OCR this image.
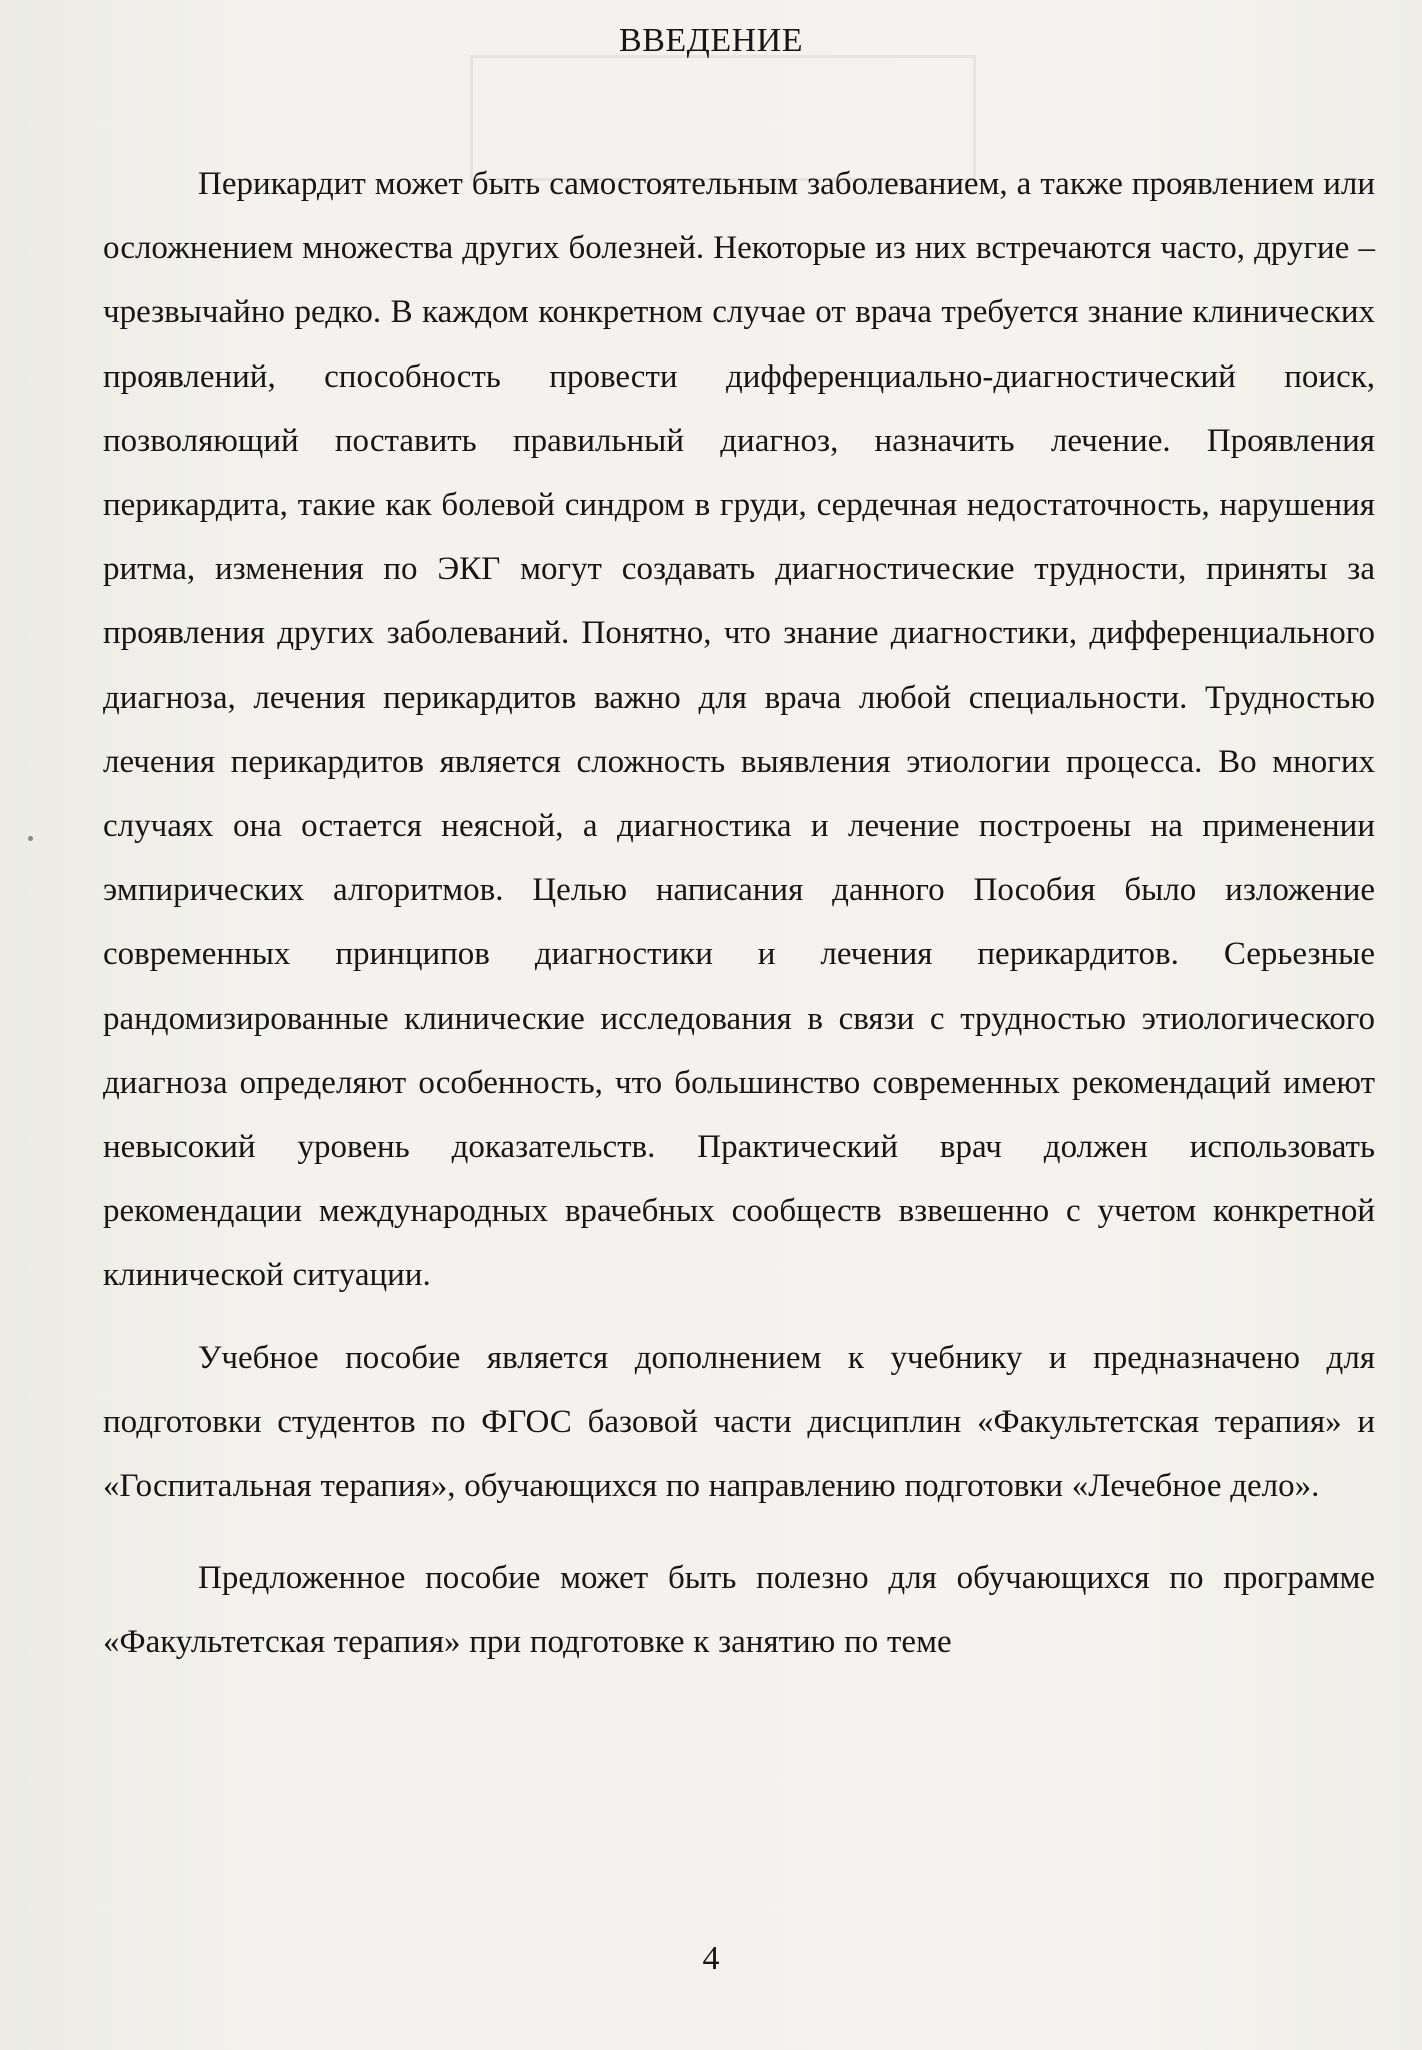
ВВЕДЕНИЕ

Перикардит может быть самостоятельным заболеванием, а также проявлением или осложнением множества других болезней. Некоторые из них встречаются часто, другие – чрезвычайно редко. В каждом конкретном случае от врача требуется знание клинических проявлений, способность провести дифференциально-диагностический поиск, позволяющий поставить правильный диагноз, назначить лечение. Проявления перикардита, такие как болевой синдром в груди, сердечная недостаточность, нарушения ритма, изменения по ЭКГ могут создавать диагностические трудности, приняты за проявления других заболеваний. Понятно, что знание диагностики, дифференциального диагноза, лечения перикардитов важно для врача любой специальности. Трудностью лечения перикардитов является сложность выявления этиологии процесса. Во многих случаях она остается неясной, а диагностика и лечение построены на применении эмпирических алгоритмов. Целью написания данного Пособия было изложение современных принципов диагностики и лечения перикардитов. Серьезные рандомизированные клинические исследования в связи с трудностью этиологического диагноза определяют особенность, что большинство современных рекомендаций имеют невысокий уровень доказательств. Практический врач должен использовать рекомендации международных врачебных сообществ взвешенно с учетом конкретной клинической ситуации.

Учебное пособие является дополнением к учебнику и предназначено для подготовки студентов по ФГОС базовой части дисциплин «Факультетская терапия» и «Госпитальная терапия», обучающихся по направлению подготовки «Лечебное дело».

Предложенное пособие может быть полезно для обучающихся по программе «Факультетская терапия» при подготовке к занятию по теме

4
